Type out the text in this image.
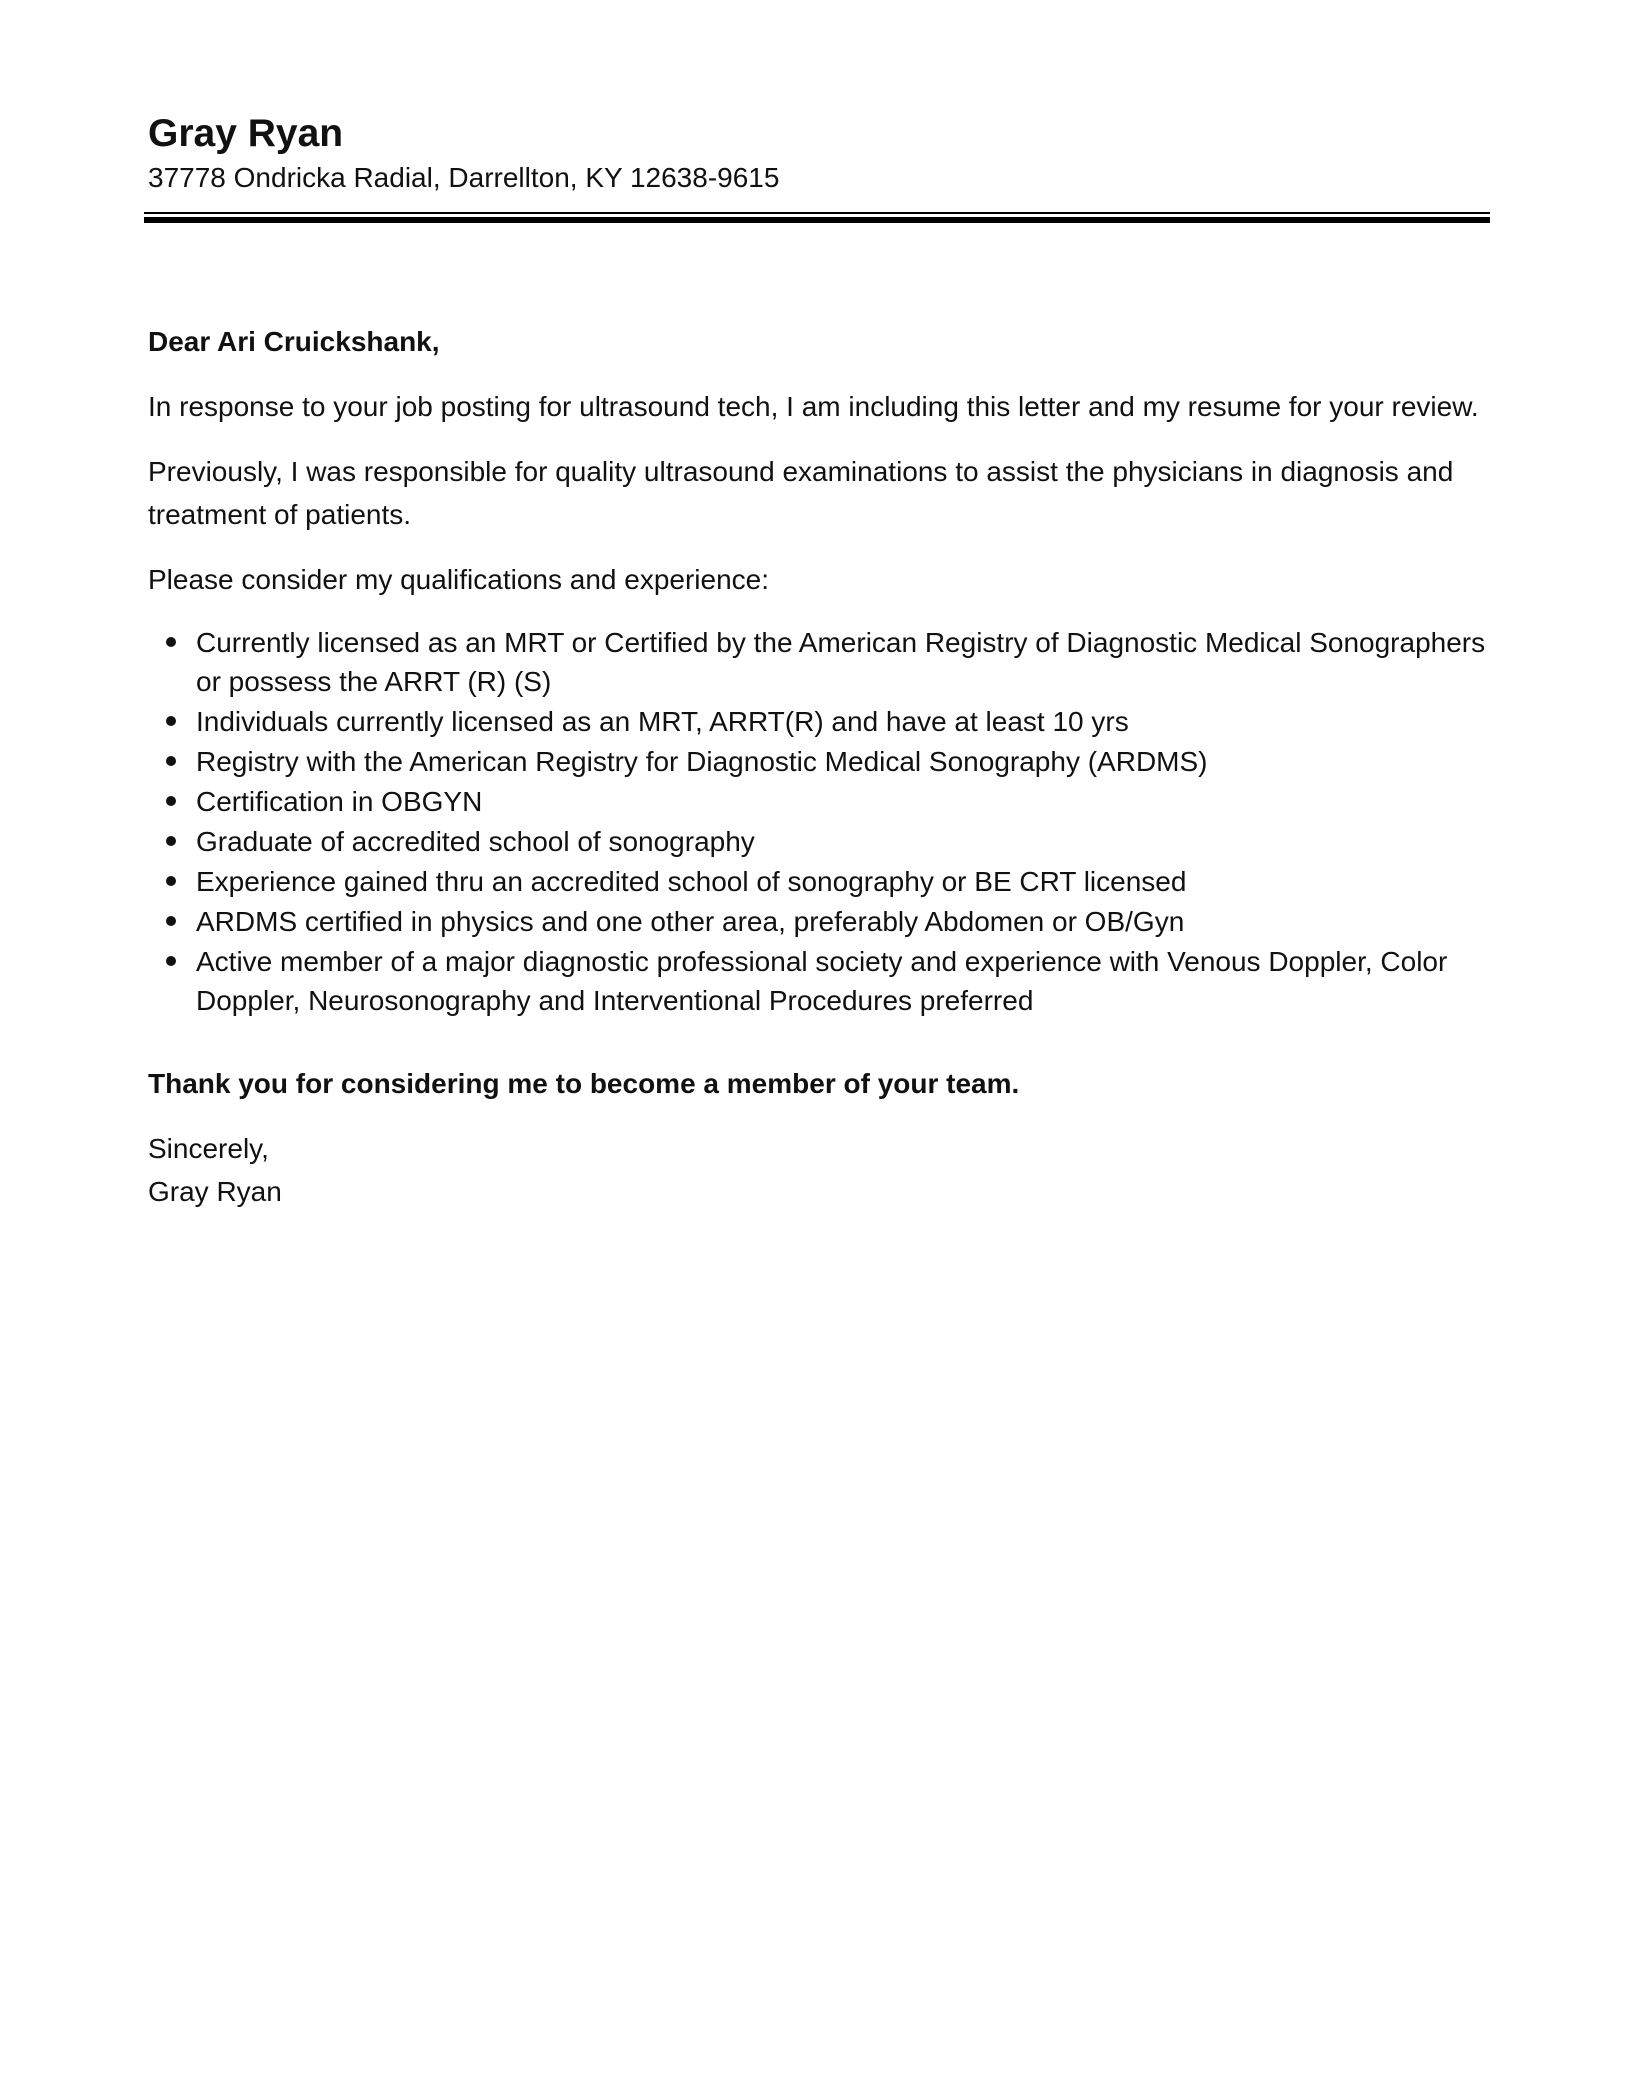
Gray Ryan
37778 Ondricka Radial, Darrellton, KY 12638-9615

Dear Ari Cruickshank,

In response to your job posting for ultrasound tech, I am including this letter and my resume for your review.

Previously, I was responsible for quality ultrasound examinations to assist the physicians in diagnosis and treatment of patients.

Please consider my qualifications and experience:

Currently licensed as an MRT or Certified by the American Registry of Diagnostic Medical Sonographers or possess the ARRT (R) (S)
Individuals currently licensed as an MRT, ARRT(R) and have at least 10 yrs
Registry with the American Registry for Diagnostic Medical Sonography (ARDMS)
Certification in OBGYN
Graduate of accredited school of sonography
Experience gained thru an accredited school of sonography or BE CRT licensed
ARDMS certified in physics and one other area, preferably Abdomen or OB/Gyn
Active member of a major diagnostic professional society and experience with Venous Doppler, Color Doppler, Neurosonography and Interventional Procedures preferred

Thank you for considering me to become a member of your team.

Sincerely,

Gray Ryan
